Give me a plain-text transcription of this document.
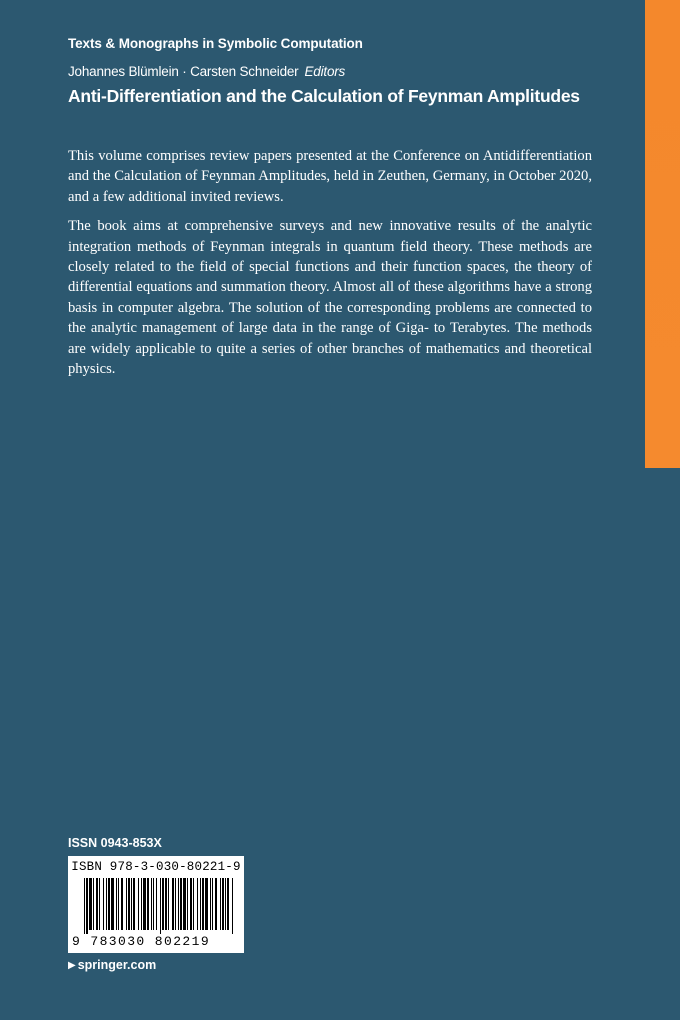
Texts & Monographs in Symbolic Computation
Johannes Blümlein · Carsten Schneider Editors
Anti-Differentiation and the Calculation of Feynman Amplitudes

This volume comprises review papers presented at the Conference on Antidifferentiation and the Calculation of Feynman Amplitudes, held in Zeuthen, Germany, in October 2020, and a few additional invited reviews.

The book aims at comprehensive surveys and new innovative results of the analytic integration methods of Feynman integrals in quantum field theory. These methods are closely related to the field of special functions and their function spaces, the theory of differential equations and summation theory. Almost all of these algorithms have a strong basis in computer algebra. The solution of the corresponding problems are connected to the analytic management of large data in the range of Giga- to Terabytes. The methods are widely applicable to quite a series of other branches of mathematics and theoretical physics.

ISSN 0943-853X
ISBN 978-3-030-80221-9
9 783030 802219
▶ springer.com
